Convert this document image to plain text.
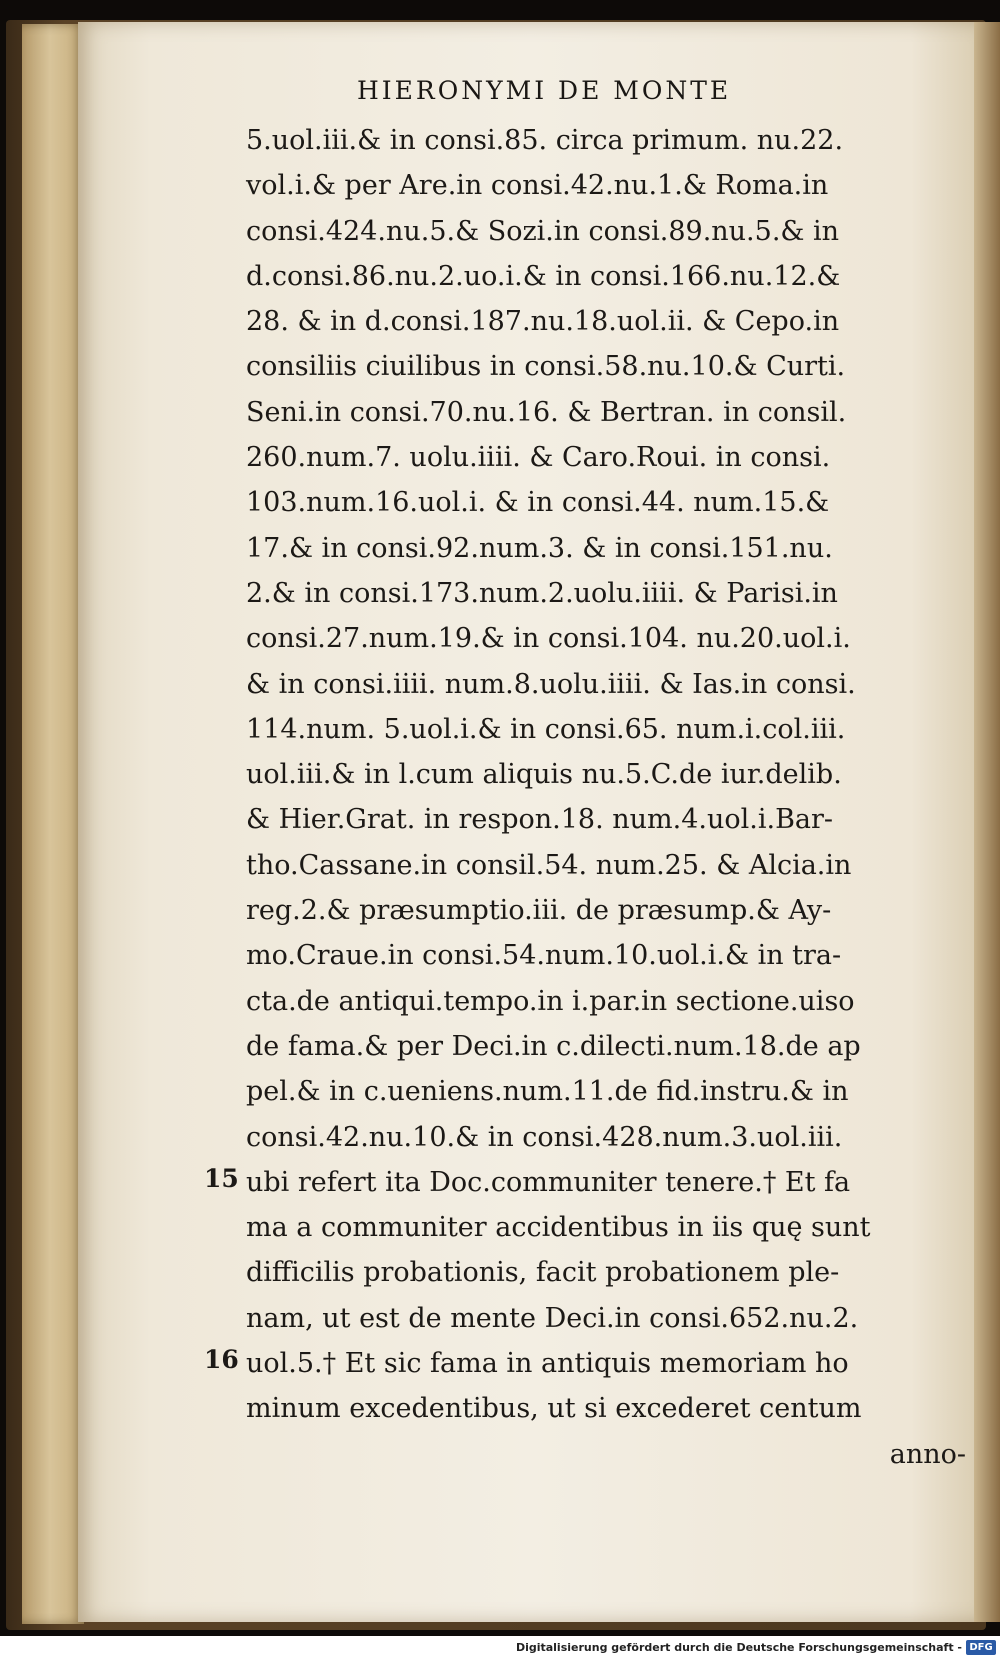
HIERONYMI DE MONTE
5.uol.iii.& in consi.85. circa primum. nu.22.
vol.i.& per Are.in consi.42.nu.1.& Roma.in
consi.424.nu.5.& Sozi.in consi.89.nu.5.& in
d.consi.86.nu.2.uo.i.& in consi.166.nu.12.&
28. & in d.consi.187.nu.18.uol.ii. & Cepo.in
consiliis ciuilibus in consi.58.nu.10.& Curti.
Seni.in consi.70.nu.16. & Bertran. in consil.
260.num.7. uolu.iiii. & Caro.Roui. in consi.
103.num.16.uol.i. & in consi.44. num.15.&
17.& in consi.92.num.3. & in consi.151.nu.
2.& in consi.173.num.2.uolu.iiii. & Parisi.in
consi.27.num.19.& in consi.104. nu.20.uol.i.
& in consi.iiii. num.8.uolu.iiii. & Ias.in consi.
114.num. 5.uol.i.& in consi.65. num.i.col.iii.
uol.iii.& in l.cum aliquis nu.5.C.de iur.delib.
& Hier.Grat. in respon.18. num.4.uol.i.Bar-
tho.Cassane.in consil.54. num.25. & Alcia.in
reg.2.& præsumptio.iii. de præsump.& Ay-
mo.Craue.in consi.54.num.10.uol.i.& in tra-
cta.de antiqui.tempo.in i.par.in sectione.uiso
de fama.& per Deci.in c.dilecti.num.18.de ap
pel.& in c.ueniens.num.11.de fid.instru.& in
consi.42.nu.10.& in consi.428.num.3.uol.iii.
ubi refert ita Doc.communiter tenere.† Et fa
ma a communiter accidentibus in iis quę sunt
difficilis probationis, facit probationem ple-
nam, ut est de mente Deci.in consi.652.nu.2.
uol.5.† Et sic fama in antiquis memoriam ho
minum excedentibus, ut si excederet centum
anno-
15
16
Digitalisierung gefördert durch die Deutsche Forschungsgemeinschaft - DFG
